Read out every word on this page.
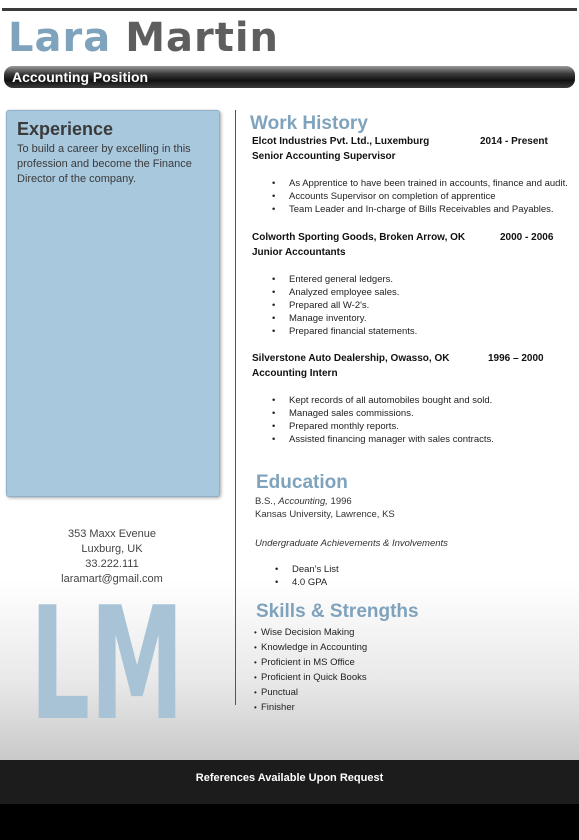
Lara Martin
Accounting Position
Experience
To build a career by excelling in this profession and become the Finance Director of the company.
353 Maxx Evenue
Luxburg, UK
33.222.111
laramart@gmail.com
LM
Work History
Elcot Industries Pvt. Ltd., Luxemburg	2014 - Present
Senior Accounting Supervisor
• As Apprentice to have been trained in accounts, finance and audit.
• Accounts Supervisor on completion of apprentice
• Team Leader and In-charge of Bills Receivables and Payables.
Colworth Sporting Goods, Broken Arrow, OK	2000 - 2006
Junior Accountants
• Entered general ledgers.
• Analyzed employee sales.
• Prepared all W-2's.
• Manage inventory.
• Prepared financial statements.
Silverstone Auto Dealership, Owasso, OK	1996 – 2000
Accounting Intern
• Kept records of all automobiles bought and sold.
• Managed sales commissions.
• Prepared monthly reports.
• Assisted financing manager with sales contracts.
Education
B.S., Accounting, 1996
Kansas University, Lawrence, KS
Undergraduate Achievements & Involvements
• Dean's List
• 4.0 GPA
Skills & Strengths
• Wise Decision Making
• Knowledge in Accounting
• Proficient in MS Office
• Proficient in Quick Books
• Punctual
• Finisher
References Available Upon Request
